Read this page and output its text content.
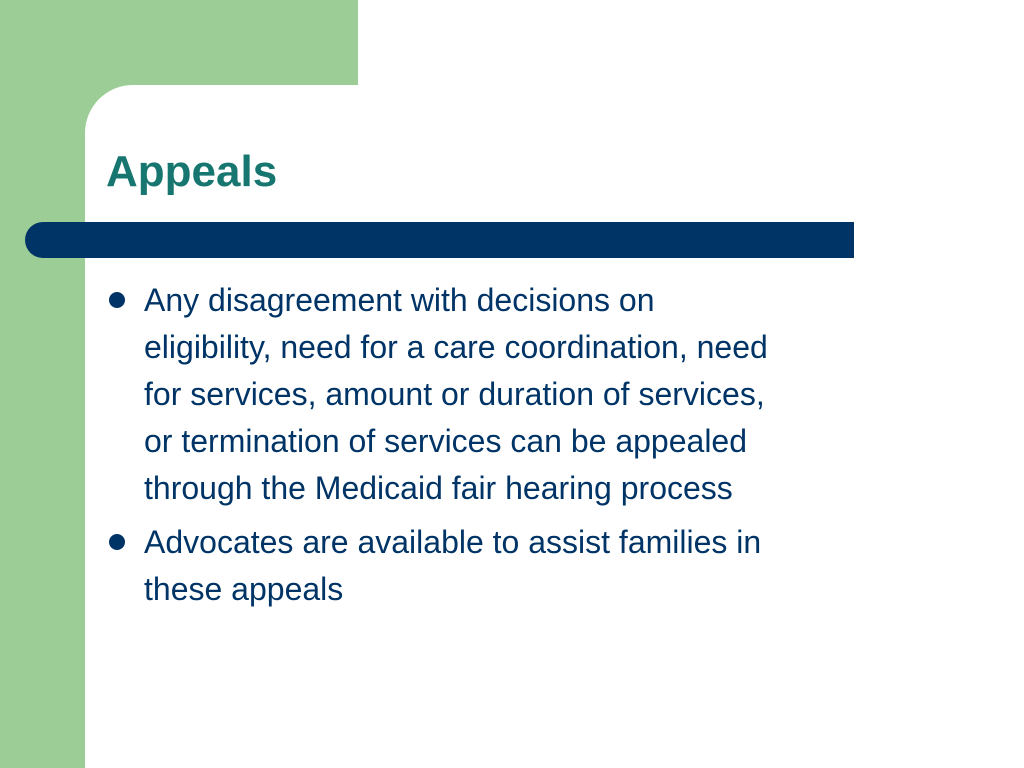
Appeals
Any disagreement with decisions on
eligibility, need for a care coordination, need
for services, amount or duration of services,
or termination of services can be appealed
through the Medicaid fair hearing process
Advocates are available to assist families in
these appeals
